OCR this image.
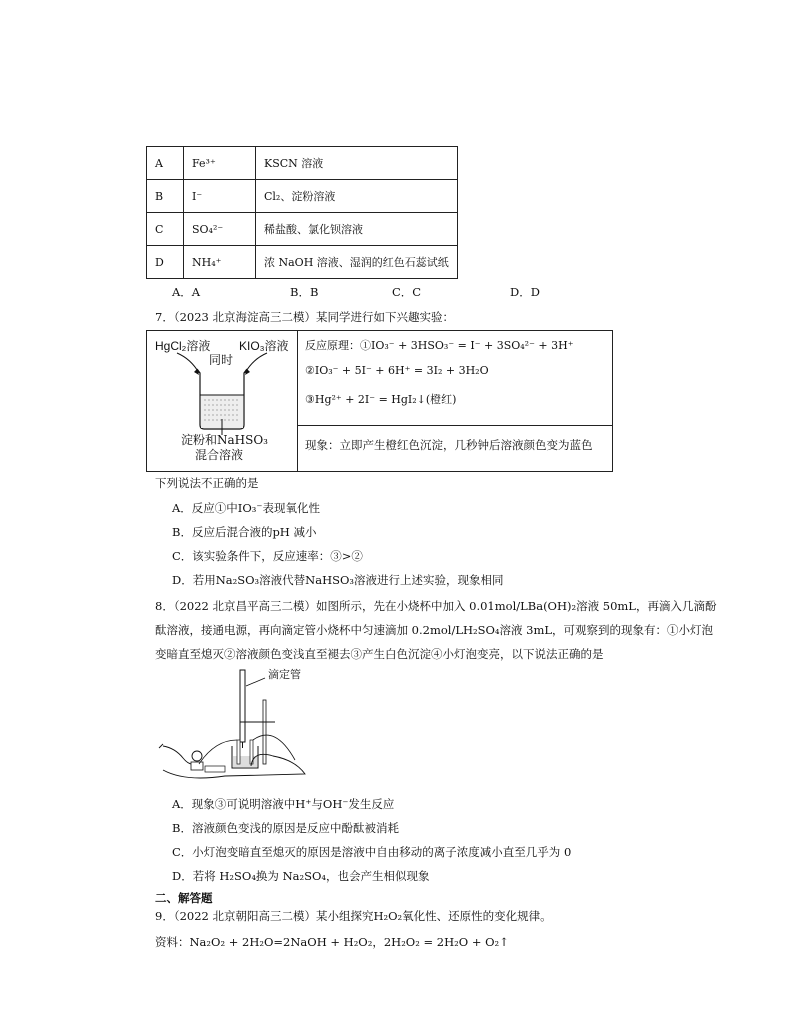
A	Fe³⁺	KSCN 溶液
B	I⁻	Cl₂、淀粉溶液
C	SO₄²⁻	稀盐酸、氯化钡溶液
D	NH₄⁺	浓 NaOH 溶液、湿润的红色石蕊试纸
A．A	B．B	C．C	D．D
7．（2023 北京海淀高三二模）某同学进行如下兴趣实验：
HgCl₂溶液 KIO₃溶液
同时
淀粉和NaHSO₃
混合溶液
反应原理：①IO₃⁻ + 3HSO₃⁻ = I⁻ + 3SO₄²⁻ + 3H⁺
②IO₃⁻ + 5I⁻ + 6H⁺ = 3I₂ + 3H₂O
③Hg²⁺ + 2I⁻ = HgI₂↓(橙红)
现象：立即产生橙红色沉淀，几秒钟后溶液颜色变为蓝色
下列说法不正确的是
A．反应①中IO₃⁻表现氧化性
B．反应后混合液的pH 减小
C．该实验条件下，反应速率：③>②
D．若用Na₂SO₃溶液代替NaHSO₃溶液进行上述实验，现象相同
8．（2022 北京昌平高三二模）如图所示，先在小烧杯中加入 0.01mol/LBa(OH)₂溶液 50mL，再滴入几滴酚
酞溶液，接通电源，再向滴定管小烧杯中匀速滴加 0.2mol/LH₂SO₄溶液 3mL，可观察到的现象有：①小灯泡
变暗直至熄灭②溶液颜色变浅直至褪去③产生白色沉淀④小灯泡变亮，以下说法正确的是
滴定管
A．现象③可说明溶液中H⁺与OH⁻发生反应
B．溶液颜色变浅的原因是反应中酚酞被消耗
C．小灯泡变暗直至熄灭的原因是溶液中自由移动的离子浓度减小直至几乎为 0
D．若将 H₂SO₄换为 Na₂SO₄，也会产生相似现象
二、解答题
9．（2022 北京朝阳高三二模）某小组探究H₂O₂氧化性、还原性的变化规律。
资料：Na₂O₂ + 2H₂O=2NaOH + H₂O₂，2H₂O₂ = 2H₂O + O₂↑
